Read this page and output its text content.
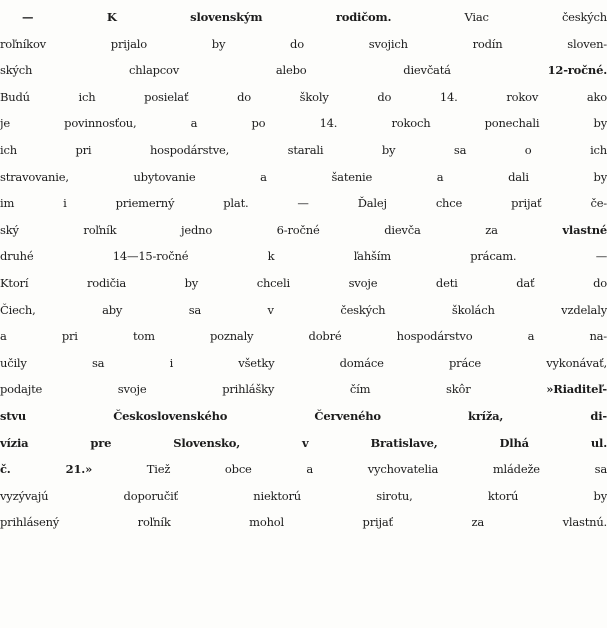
— K slovenským rodičom. Viac českých
roľníkov prijalo by do svojich rodín sloven-
ských chlapcov alebo dievčatá 12-ročné.
Budú ich posielať do školy do 14. rokov ako
je povinnosťou, a po 14. rokoch ponechali by
ich pri hospodárstve, starali by sa o ich
stravovanie, ubytovanie a šatenie a dali by
im i priemerný plat. — Ďalej chce prijať če-
ský roľník jedno 6-ročné dievča za vlastné
druhé 14—15-ročné k ľahším prácam. —
Ktorí rodičia by chceli svoje deti dať do
Čiech, aby sa v českých školách vzdelaly
a pri tom poznaly dobré hospodárstvo a na-
učily sa i všetky domáce práce vykonávať,
podajte svoje prihlášky čím skôr »Riaditeľ-
stvu Československého Červeného kríža, di-
vízia pre Slovensko, v Bratislave, Dlhá ul.
č. 21.» Tiež obce a vychovatelia mládeže sa
vyzývajú doporučiť niektorú sirotu, ktorú by
prihlásený roľník mohol prijať za vlastnú.
